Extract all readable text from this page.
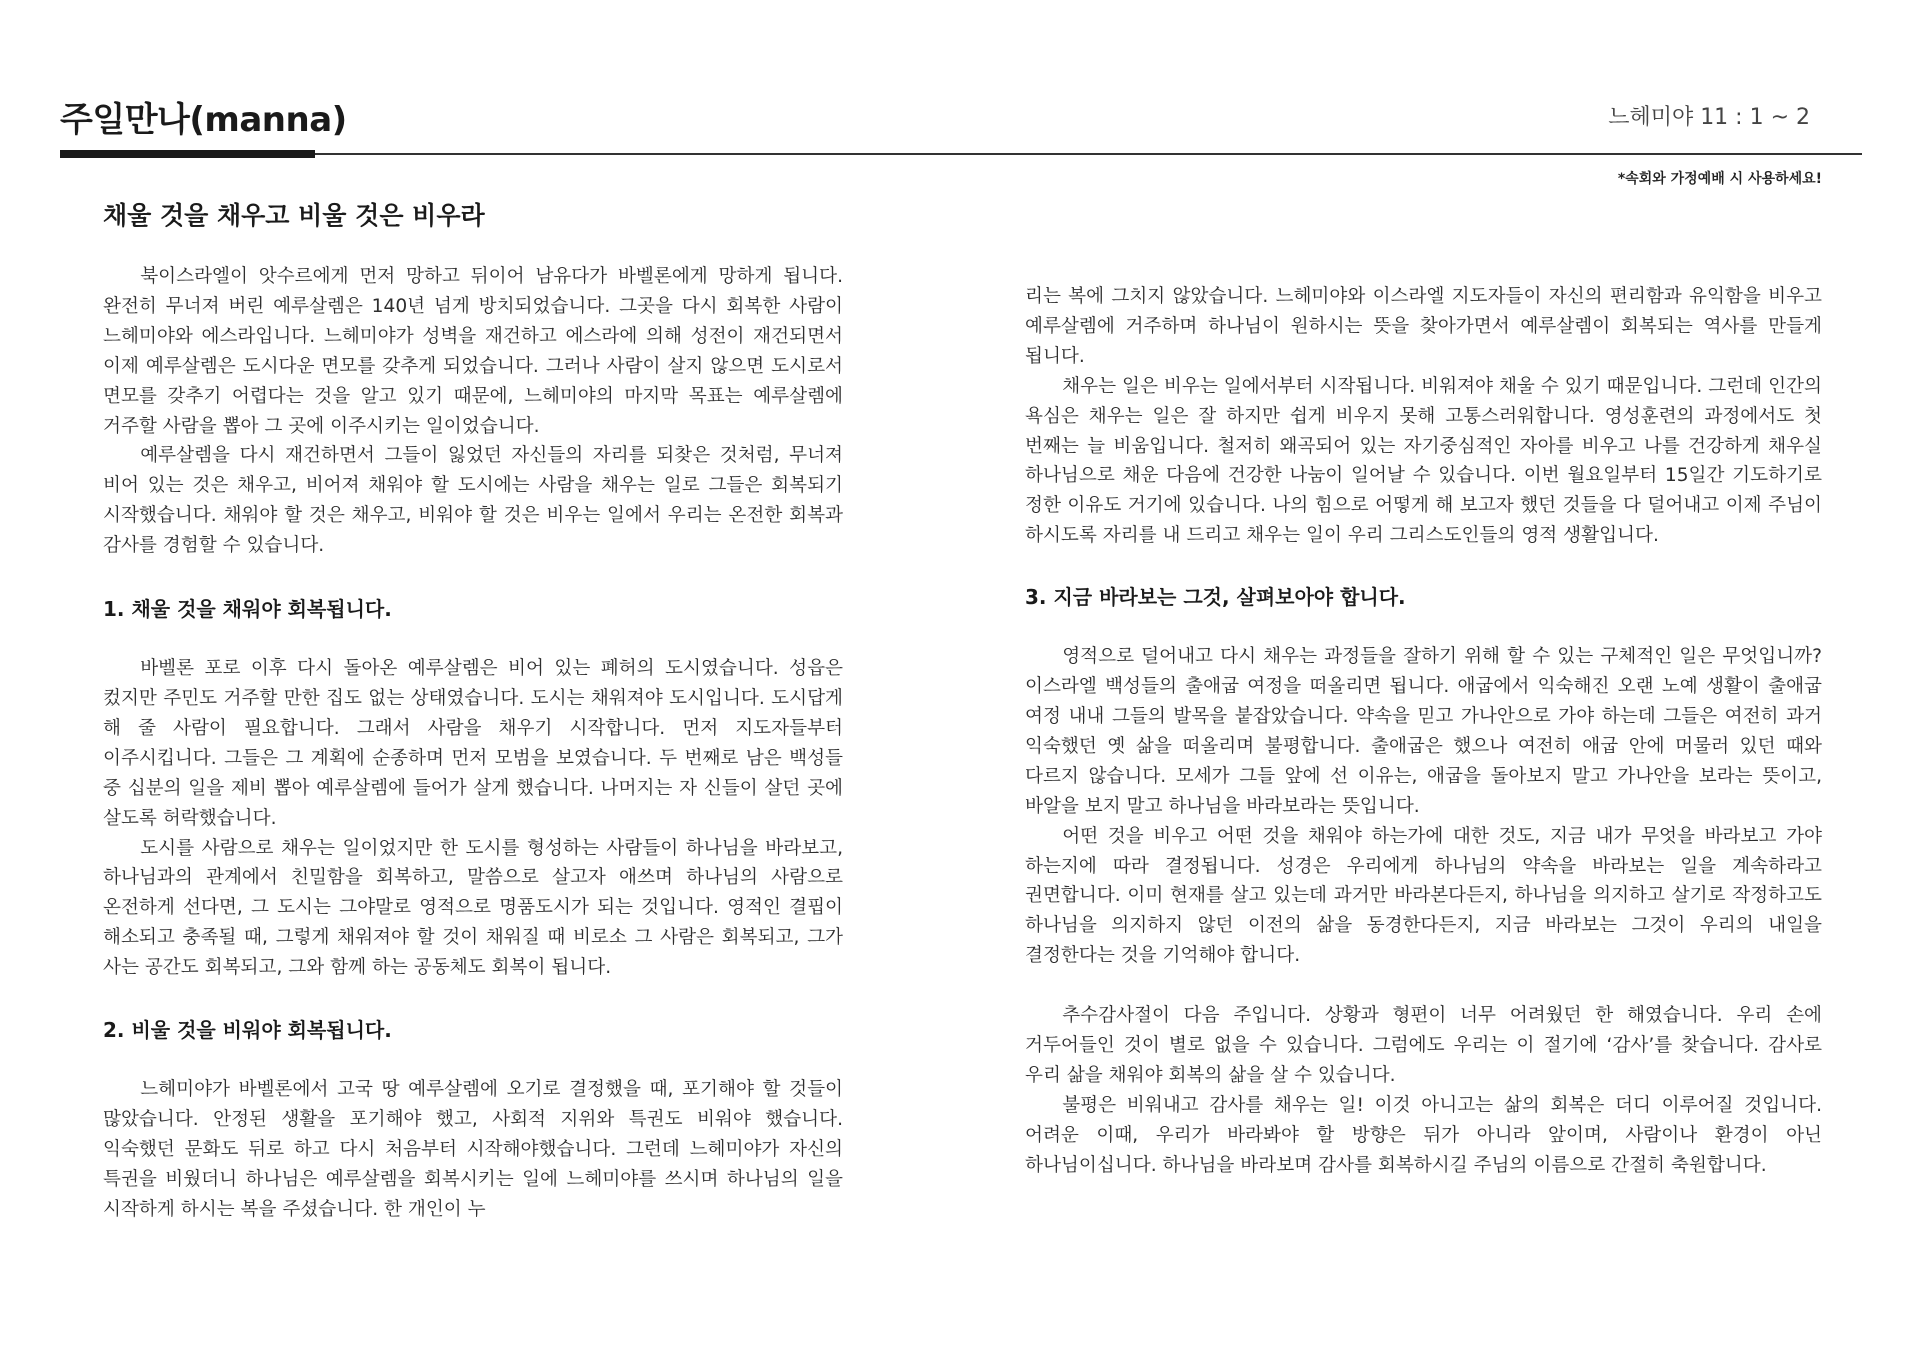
주일만나(manna)	느헤미야 11 : 1 ~ 2
*속회와 가정예배 시 사용하세요!
채울 것을 채우고 비울 것은 비우라

북이스라엘이 앗수르에게 먼저 망하고 뒤이어 남유다가 바벨론에게 망하게 됩니다. 완전히 무너져 버린 예루살렘은 140년 넘게 방치되었습니다. 그곳을 다시 회복한 사람이 느헤미야와 에스라입니다. 느헤미야가 성벽을 재건하고 에스라에 의해 성전이 재건되면서 이제 예루살렘은 도시다운 면모를 갖추게 되었습니다. 그러나 사람이 살지 않으면 도시로서 면모를 갖추기 어렵다는 것을 알고 있기 때문에, 느헤미야의 마지막 목표는 예루살렘에 거주할 사람을 뽑아 그 곳에 이주시키는 일이었습니다.

예루살렘을 다시 재건하면서 그들이 잃었던 자신들의 자리를 되찾은 것처럼, 무너져 비어 있는 것은 채우고, 비어져 채워야 할 도시에는 사람을 채우는 일로 그들은 회복되기 시작했습니다. 채워야 할 것은 채우고, 비워야 할 것은 비우는 일에서 우리는 온전한 회복과 감사를 경험할 수 있습니다.

1. 채울 것을 채워야 회복됩니다.

바벨론 포로 이후 다시 돌아온 예루살렘은 비어 있는 폐허의 도시였습니다. 성읍은 컸지만 주민도 거주할 만한 집도 없는 상태였습니다. 도시는 채워져야 도시입니다. 도시답게 해 줄 사람이 필요합니다. 그래서 사람을 채우기 시작합니다. 먼저 지도자들부터 이주시킵니다. 그들은 그 계획에 순종하며 먼저 모범을 보였습니다. 두 번째로 남은 백성들 중 십분의 일을 제비 뽑아 예루살렘에 들어가 살게 했습니다. 나머지는 자 신들이 살던 곳에 살도록 허락했습니다.

도시를 사람으로 채우는 일이었지만 한 도시를 형성하는 사람들이 하나님을 바라보고, 하나님과의 관계에서 친밀함을 회복하고, 말씀으로 살고자 애쓰며 하나님의 사람으로 온전하게 선다면, 그 도시는 그야말로 영적으로 명품도시가 되는 것입니다. 영적인 결핍이 해소되고 충족될 때, 그렇게 채워져야 할 것이 채워질 때 비로소 그 사람은 회복되고, 그가 사는 공간도 회복되고, 그와 함께 하는 공동체도 회복이 됩니다.

2. 비울 것을 비워야 회복됩니다.

느헤미야가 바벨론에서 고국 땅 예루살렘에 오기로 결정했을 때, 포기해야 할 것들이 많았습니다. 안정된 생활을 포기해야 했고, 사회적 지위와 특권도 비워야 했습니다. 익숙했던 문화도 뒤로 하고 다시 처음부터 시작해야했습니다. 그런데 느헤미야가 자신의 특권을 비웠더니 하나님은 예루살렘을 회복시키는 일에 느헤미야를 쓰시며 하나님의 일을 시작하게 하시는 복을 주셨습니다. 한 개인이 누

리는 복에 그치지 않았습니다. 느헤미야와 이스라엘 지도자들이 자신의 편리함과 유익함을 비우고 예루살렘에 거주하며 하나님이 원하시는 뜻을 찾아가면서 예루살렘이 회복되는 역사를 만들게 됩니다.

채우는 일은 비우는 일에서부터 시작됩니다. 비워져야 채울 수 있기 때문입니다. 그런데 인간의 욕심은 채우는 일은 잘 하지만 쉽게 비우지 못해 고통스러워합니다. 영성훈련의 과정에서도 첫 번째는 늘 비움입니다. 철저히 왜곡되어 있는 자기중심적인 자아를 비우고 나를 건강하게 채우실 하나님으로 채운 다음에 건강한 나눔이 일어날 수 있습니다. 이번 월요일부터 15일간 기도하기로 정한 이유도 거기에 있습니다. 나의 힘으로 어떻게 해 보고자 했던 것들을 다 덜어내고 이제 주님이 하시도록 자리를 내 드리고 채우는 일이 우리 그리스도인들의 영적 생활입니다.

3. 지금 바라보는 그것, 살펴보아야 합니다.

영적으로 덜어내고 다시 채우는 과정들을 잘하기 위해 할 수 있는 구체적인 일은 무엇입니까? 이스라엘 백성들의 출애굽 여정을 떠올리면 됩니다. 애굽에서 익숙해진 오랜 노예 생활이 출애굽 여정 내내 그들의 발목을 붙잡았습니다. 약속을 믿고 가나안으로 가야 하는데 그들은 여전히 과거 익숙했던 옛 삶을 떠올리며 불평합니다. 출애굽은 했으나 여전히 애굽 안에 머물러 있던 때와 다르지 않습니다. 모세가 그들 앞에 선 이유는, 애굽을 돌아보지 말고 가나안을 보라는 뜻이고, 바알을 보지 말고 하나님을 바라보라는 뜻입니다.

어떤 것을 비우고 어떤 것을 채워야 하는가에 대한 것도, 지금 내가 무엇을 바라보고 가야 하는지에 따라 결정됩니다. 성경은 우리에게 하나님의 약속을 바라보는 일을 계속하라고 권면합니다. 이미 현재를 살고 있는데 과거만 바라본다든지, 하나님을 의지하고 살기로 작정하고도 하나님을 의지하지 않던 이전의 삶을 동경한다든지, 지금 바라보는 그것이 우리의 내일을 결정한다는 것을 기억해야 합니다.

추수감사절이 다음 주입니다. 상황과 형편이 너무 어려웠던 한 해였습니다. 우리 손에 거두어들인 것이 별로 없을 수 있습니다. 그럼에도 우리는 이 절기에 ‘감사’를 찾습니다. 감사로 우리 삶을 채워야 회복의 삶을 살 수 있습니다.

불평은 비워내고 감사를 채우는 일! 이것 아니고는 삶의 회복은 더디 이루어질 것입니다. 어려운 이때, 우리가 바라봐야 할 방향은 뒤가 아니라 앞이며, 사람이나 환경이 아닌 하나님이십니다. 하나님을 바라보며 감사를 회복하시길 주님의 이름으로 간절히 축원합니다.
